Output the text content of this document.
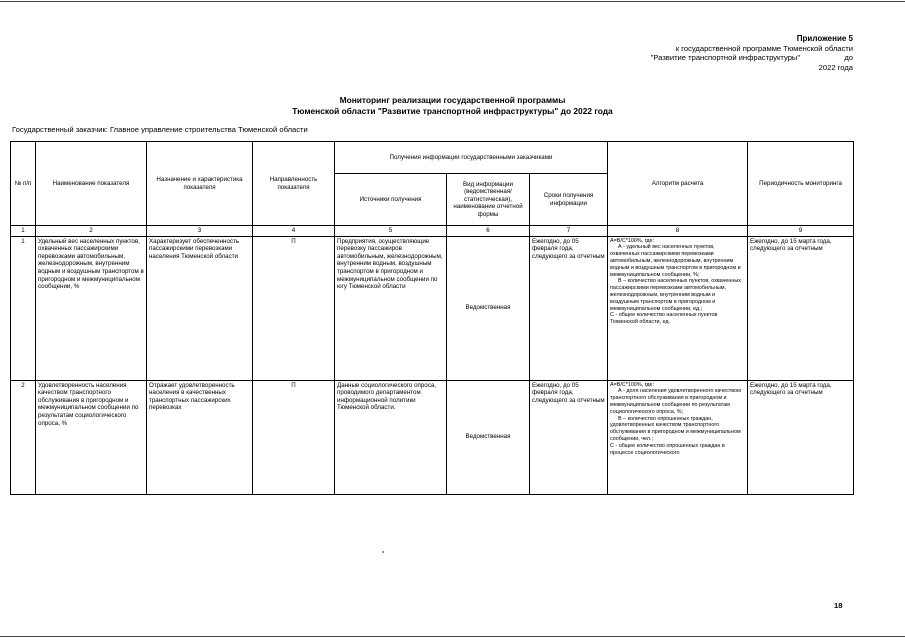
Приложение 5
к государственной программе Тюменской области
"Развитие транспортной инфраструктуры"	до
2022 года
Мониторинг реализации государственной программы
Тюменской области "Развитие транспортной инфраструктуры" до 2022 года
Государственный заказчик: Главное управление строительства Тюменской области
№ п/п	Наименование показателя	Назначение и характеристика показателя	Направленность показателя	Получения информации государственными заказчиками			Алгоритм расчета	Периодичность мониторинга
				Источники получения	Вид информации (ведомственная/ статистическая), наименование отчетной формы	Сроки получения информации		
1	2	3	4	5	6	7	8	9
1	Удельный вес населенных пунктов, охваченных пассажирскими перевозками автомобильным, железнодорожным, внутренним водным и воздушным транспортом в пригородном и межмуниципальном сообщении, %	Характеризует обеспеченность пассажирскими перевозками населения Тюменской области	П	Предприятия, осуществляющие перевозку пассажиров автомобильным, железнодорожным, внутренним водным, воздушным транспортом в пригородном и межмуниципальном сообщении по югу Тюменской области	Ведомственная	Ежегодно, до 05 февраля года, следующего за отчетным	А=В/С*100%, где:
А - удельный вес населенных пунктов, охваченных пассажирскими перевозками автомобильным, железнодорожным, внутренним водным и воздушным транспортом в пригородном и межмуниципальном сообщении, %;
В – количество населенных пунктов, охваченных пассажирскими перевозками автомобильным, железнодорожным, внутренним водным и воздушным транспортом в пригородном и межмуниципальном сообщении, ед.;
С - общее количество населенных пунктов Тюменской области, ед.	Ежегодно, до 15 марта года, следующего за отчетным
2	Удовлетворенность населения качеством транспортного обслуживания в пригородном и межмуниципальном сообщении по результатам социологического опроса, %	Отражает удовлетворенность населения в качественных транспортных пассажирских перевозках	П	Данные социологического опроса, проводимого департаментом информационной политики Тюменской области.	Ведомственная	Ежегодно, до 05 февраля года, следующего за отчетным	А=В/С*100%, где:
А - доля населения удовлетворенного качеством транспортного обслуживания в пригородном и межмуниципальном сообщении по результатам социологического опроса, %;
В – количество опрошенных граждан, удовлетворенных качеством транспортного обслуживания в пригородном и межмуниципальном сообщении, чел.;
С - общее количество опрошенных граждан в процессе социологического	Ежегодно, до 15 марта года, следующего за отчетным
18
